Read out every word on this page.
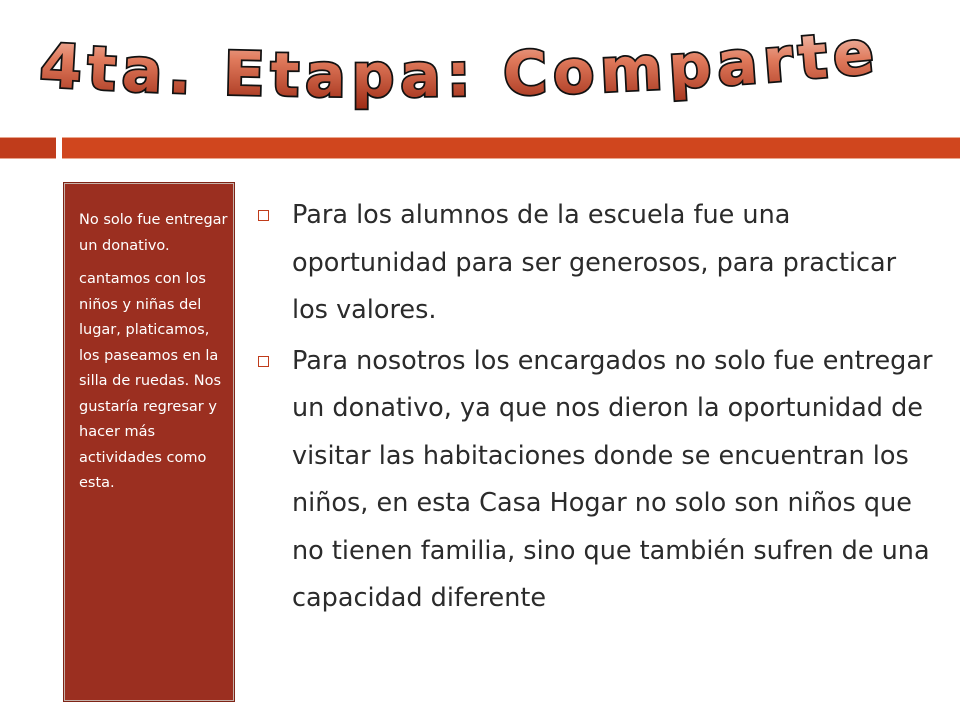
4ta. Etapa: Comparte

No solo fue entregar un donativo.

cantamos con los niños y niñas del lugar, platicamos, los paseamos en la silla de ruedas. Nos gustaría regresar y hacer más actividades como esta.

Para los alumnos de la escuela fue una oportunidad para ser generosos, para practicar los valores.
Para nosotros los encargados no solo fue entregar un donativo, ya que nos dieron la oportunidad de visitar las habitaciones donde se encuentran los niños, en esta Casa Hogar no solo son niños que no tienen familia, sino que también sufren de una capacidad diferente
